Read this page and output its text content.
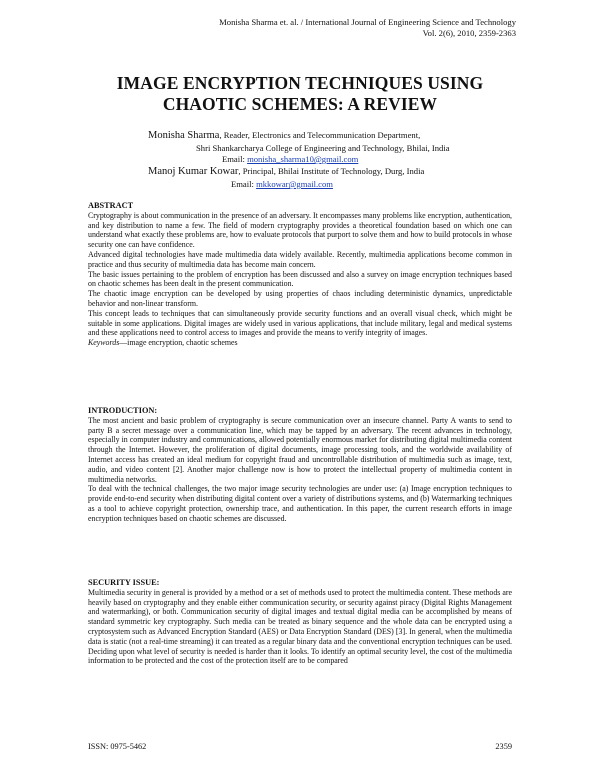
Monisha Sharma et. al. / International Journal of Engineering Science and Technology
Vol. 2(6), 2010, 2359-2363
IMAGE ENCRYPTION TECHNIQUES USING
CHAOTIC SCHEMES: A REVIEW
Monisha Sharma, Reader, Electronics and Telecommunication Department,
Shri Shankarcharya College of Engineering and Technology, Bhilai, India
Email: monisha_sharma10@gmail.com
Manoj Kumar Kowar, Principal, Bhilai Institute of Technology, Durg, India
Email: mkkowar@gmail.com
ABSTRACT

Cryptography is about communication in the presence of an adversary. It encompasses many problems like encryption, authentication, and key distribution to name a few. The field of modern cryptography provides a theoretical foundation based on which one can understand what exactly these problems are, how to evaluate protocols that purport to solve them and how to build protocols in whose security one can have confidence.

Advanced digital technologies have made multimedia data widely available. Recently, multimedia applications become common in practice and thus security of multimedia data has become main concern.

The basic issues pertaining to the problem of encryption has been discussed and also a survey on image encryption techniques based on chaotic schemes has been dealt in the present communication.

The chaotic image encryption can be developed by using properties of chaos including deterministic dynamics, unpredictable behavior and non-linear transform.

This concept leads to techniques that can simultaneously provide security functions and an overall visual check, which might be suitable in some applications. Digital images are widely used in various applications, that include military, legal and medical systems and these applications need to control access to images and provide the means to verify integrity of images.

Keywords—image encryption, chaotic schemes

INTRODUCTION:

The most ancient and basic problem of cryptography is secure communication over an insecure channel. Party A wants to send to party B a secret message over a communication line, which may be tapped by an adversary. The recent advances in technology, especially in computer industry and communications, allowed potentially enormous market for distributing digital multimedia content through the Internet. However, the proliferation of digital documents, image processing tools, and the worldwide availability of Internet access has created an ideal medium for copyright fraud and uncontrollable distribution of multimedia such as image, text, audio, and video content [2]. Another major challenge now is how to protect the intellectual property of multimedia content in multimedia networks.

To deal with the technical challenges, the two major image security technologies are under use: (a) Image encryption techniques to provide end-to-end security when distributing digital content over a variety of distributions systems, and (b) Watermarking techniques as a tool to achieve copyright protection, ownership trace, and authentication. In this paper, the current research efforts in image encryption techniques based on chaotic schemes are discussed.

SECURITY ISSUE:

Multimedia security in general is provided by a method or a set of methods used to protect the multimedia content. These methods are heavily based on cryptography and they enable either communication security, or security against piracy (Digital Rights Management and watermarking), or both. Communication security of digital images and textual digital media can be accomplished by means of standard symmetric key cryptography. Such media can be treated as binary sequence and the whole data can be encrypted using a cryptosystem such as Advanced Encryption Standard (AES) or Data Encryption Standard (DES) [3]. In general, when the multimedia data is static (not a real-time streaming) it can treated as a regular binary data and the conventional encryption techniques can be used. Deciding upon what level of security is needed is harder than it looks. To identify an optimal security level, the cost of the multimedia information to be protected and the cost of the protection itself are to be compared

ISSN: 0975-5462	2359
